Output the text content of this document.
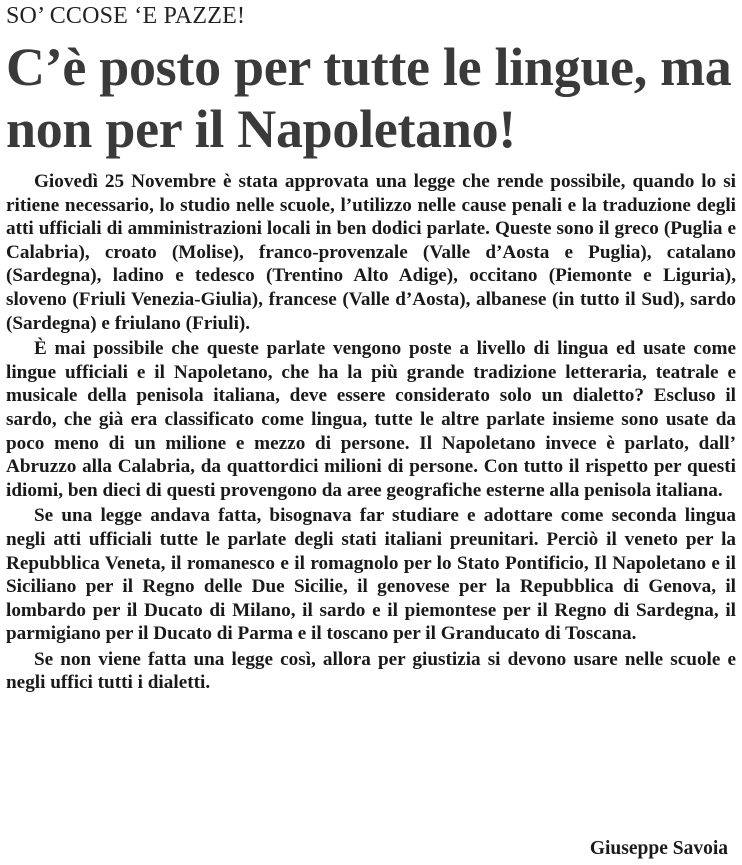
SO’ CCOSE ‘E PAZZE!
C’è posto per tutte le lingue, ma non per il Napoletano!

Giovedì 25 Novembre è stata approvata una legge che rende possibile, quando lo si ritiene necessario, lo studio nelle scuole, l’utilizzo nelle cause penali e la traduzione degli atti ufficiali di amministrazioni locali in ben dodici parlate. Queste sono il greco (Puglia e Calabria), croato (Molise), franco-provenzale (Valle d’Aosta e Puglia), catalano (Sardegna), ladino e tedesco (Trentino Alto Adige), occitano (Piemonte e Liguria), sloveno (Friuli Venezia-Giulia), francese (Valle d’Aosta), albanese (in tutto il Sud), sardo (Sardegna) e friulano (Friuli).

È mai possibile che queste parlate vengono poste a livello di lingua ed usate come lingue ufficiali e il Napoletano, che ha la più grande tradizione letteraria, teatrale e musicale della penisola italiana, deve essere considerato solo un dialetto? Escluso il sardo, che già era classificato come lingua, tutte le altre parlate insieme sono usate da poco meno di un milione e mezzo di persone. Il Napoletano invece è parlato, dall’ Abruzzo alla Calabria, da quattordici milioni di persone. Con tutto il rispetto per questi idiomi, ben dieci di questi provengono da aree geografiche esterne alla penisola italiana.

Se una legge andava fatta, bisognava far studiare e adottare come seconda lingua negli atti ufficiali tutte le parlate degli stati italiani preunitari. Perciò il veneto per la Repubblica Veneta, il romanesco e il romagnolo per lo Stato Pontificio, Il Napoletano e il Siciliano per il Regno delle Due Sicilie, il genovese per la Repubblica di Genova, il lombardo per il Ducato di Milano, il sardo e il piemontese per il Regno di Sardegna, il parmigiano per il Ducato di Parma e il toscano per il Granducato di Toscana.

Se non viene fatta una legge così, allora per giustizia si devono usare nelle scuole e negli uffici tutti i dialetti.

Giuseppe Savoia
